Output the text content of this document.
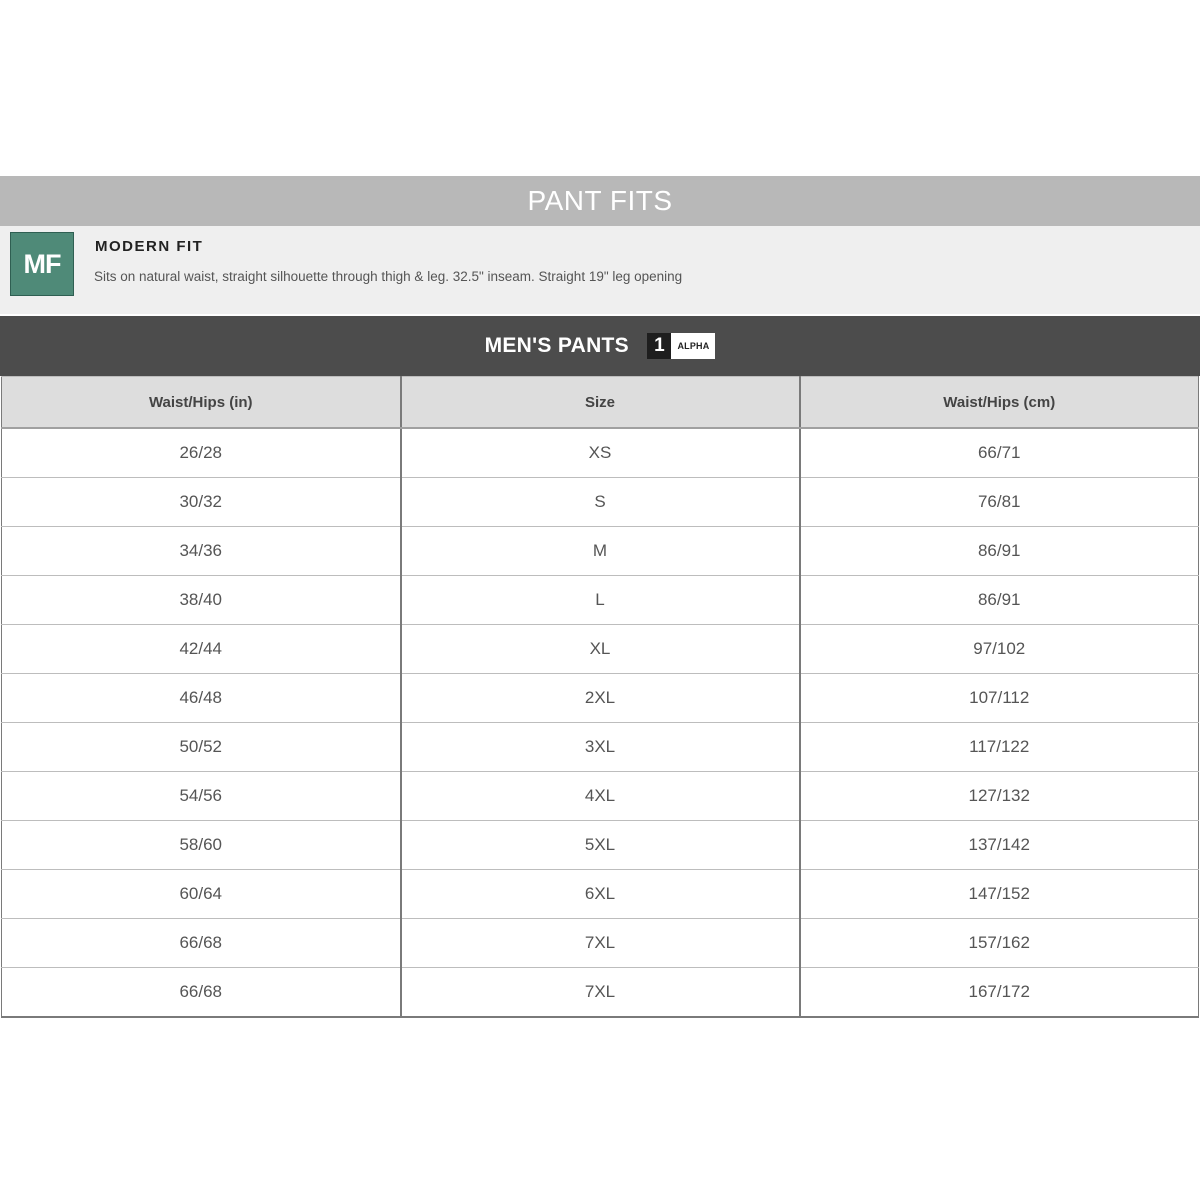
PANT FITS
MF
MODERN FIT
Sits on natural waist, straight silhouette through thigh & leg. 32.5" inseam. Straight 19" leg opening
MEN'S PANTS 1 ALPHA
Waist/Hips (in)	Size	Waist/Hips (cm)
26/28	XS	66/71
30/32	S	76/81
34/36	M	86/91
38/40	L	86/91
42/44	XL	97/102
46/48	2XL	107/112
50/52	3XL	117/122
54/56	4XL	127/132
58/60	5XL	137/142
60/64	6XL	147/152
66/68	7XL	157/162
66/68	7XL	167/172
